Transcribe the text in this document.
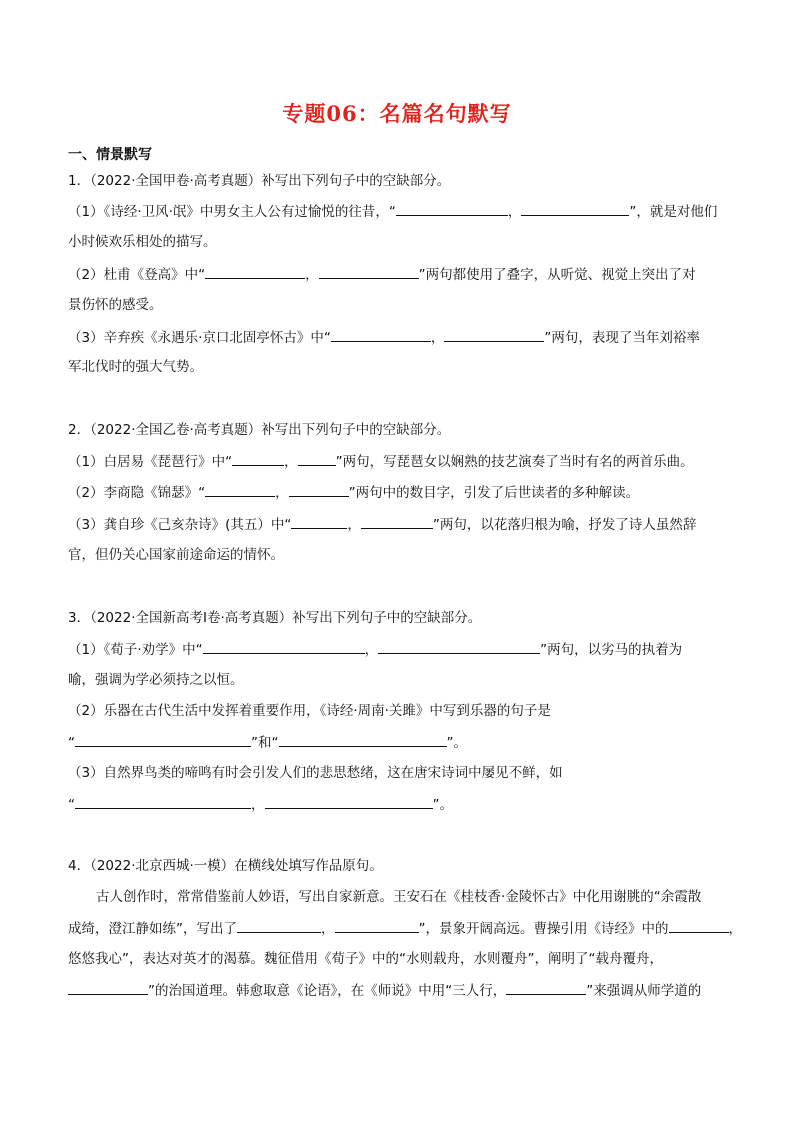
专题06：名篇名句默写
一、情景默写
1．（2022·全国甲卷·高考真题）补写出下列句子中的空缺部分。
（1）《诗经·卫风·氓》中男女主人公有过愉悦的往昔，“	，	”，就是对他们
小时候欢乐相处的描写。
（2）杜甫《登高》中“	，	”两句都使用了叠字，从听觉、视觉上突出了对
景伤怀的感受。
（3）辛弃疾《永遇乐·京口北固亭怀古》中“	，	”两句，表现了当年刘裕率
军北伐时的强大气势。
2．（2022·全国乙卷·高考真题）补写出下列句子中的空缺部分。
（1）白居易《琵琶行》中“	，	”两句，写琵琶女以娴熟的技艺演奏了当时有名的两首乐曲。
（2）李商隐《锦瑟》“	，	”两句中的数目字，引发了后世读者的多种解读。
（3）龚自珍《己亥杂诗》(其五）中“	，	”两句，以花落归根为喻，抒发了诗人虽然辞
官，但仍关心国家前途命运的情怀。
3．（2022·全国新高考I卷·高考真题）补写出下列句子中的空缺部分。
（1）《荀子·劝学》中“	，	”两句，以劣马的执着为
喻，强调为学必须持之以恒。
（2）乐器在古代生活中发挥着重要作用，《诗经·周南·关雎》中写到乐器的句子是
“	”和“	”。
（3）自然界鸟类的啼鸣有时会引发人们的悲思愁绪，这在唐宋诗词中屡见不鲜，如
“	，	”。
4．（2022·北京西城·一模）在横线处填写作品原句。
古人创作时，常常借鉴前人妙语，写出自家新意。王安石在《桂枝香·金陵怀古》中化用谢朓的“余霞散
成绮，澄江静如练”，写出了	，	”，景象开阔高远。曹操引用《诗经》中的	，
悠悠我心”，表达对英才的渴慕。魏征借用《荀子》中的“水则载舟，水则覆舟”，阐明了“载舟覆舟，
”的治国道理。韩愈取意《论语》，在《师说》中用“三人行，	”来强调从师学道的
